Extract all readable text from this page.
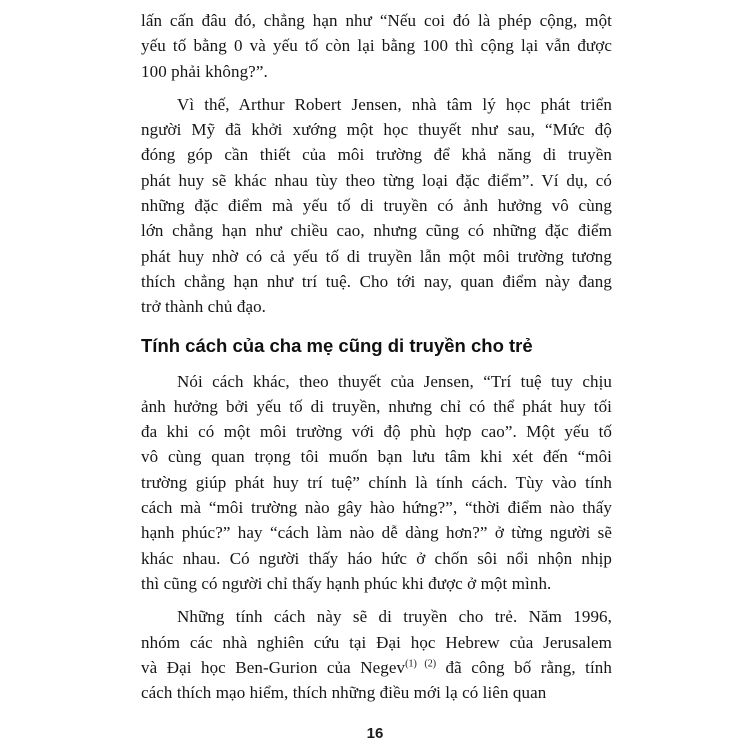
lấn cấn đâu đó, chẳng hạn như “Nếu coi đó là phép cộng, một
yếu tố bằng 0 và yếu tố còn lại bằng 100 thì cộng lại vẫn được
100 phải không?”.
Vì thế, Arthur Robert Jensen, nhà tâm lý học phát triển
người Mỹ đã khởi xướng một học thuyết như sau, “Mức độ
đóng góp cần thiết của môi trường để khả năng di truyền
phát huy sẽ khác nhau tùy theo từng loại đặc điểm”. Ví dụ, có
những đặc điểm mà yếu tố di truyền có ảnh hưởng vô cùng
lớn chẳng hạn như chiều cao, nhưng cũng có những đặc điểm
phát huy nhờ có cả yếu tố di truyền lẫn một môi trường tương
thích chẳng hạn như trí tuệ. Cho tới nay, quan điểm này đang
trở thành chủ đạo.
Tính cách của cha mẹ cũng di truyền cho trẻ
Nói cách khác, theo thuyết của Jensen, “Trí tuệ tuy chịu
ảnh hưởng bởi yếu tố di truyền, nhưng chỉ có thể phát huy tối
đa khi có một môi trường với độ phù hợp cao”. Một yếu tố
vô cùng quan trọng tôi muốn bạn lưu tâm khi xét đến “môi
trường giúp phát huy trí tuệ” chính là tính cách. Tùy vào tính
cách mà “môi trường nào gây hào hứng?”, “thời điểm nào thấy
hạnh phúc?” hay “cách làm nào dễ dàng hơn?” ở từng người sẽ
khác nhau. Có người thấy háo hức ở chốn sôi nổi nhộn nhịp
thì cũng có người chỉ thấy hạnh phúc khi được ở một mình.
Những tính cách này sẽ di truyền cho trẻ. Năm 1996,
nhóm các nhà nghiên cứu tại Đại học Hebrew của Jerusalem
và Đại học Ben-Gurion của Negev$^{(1) (2)}$ đã công bố rằng, tính
cách thích mạo hiểm, thích những điều mới lạ có liên quan
16
